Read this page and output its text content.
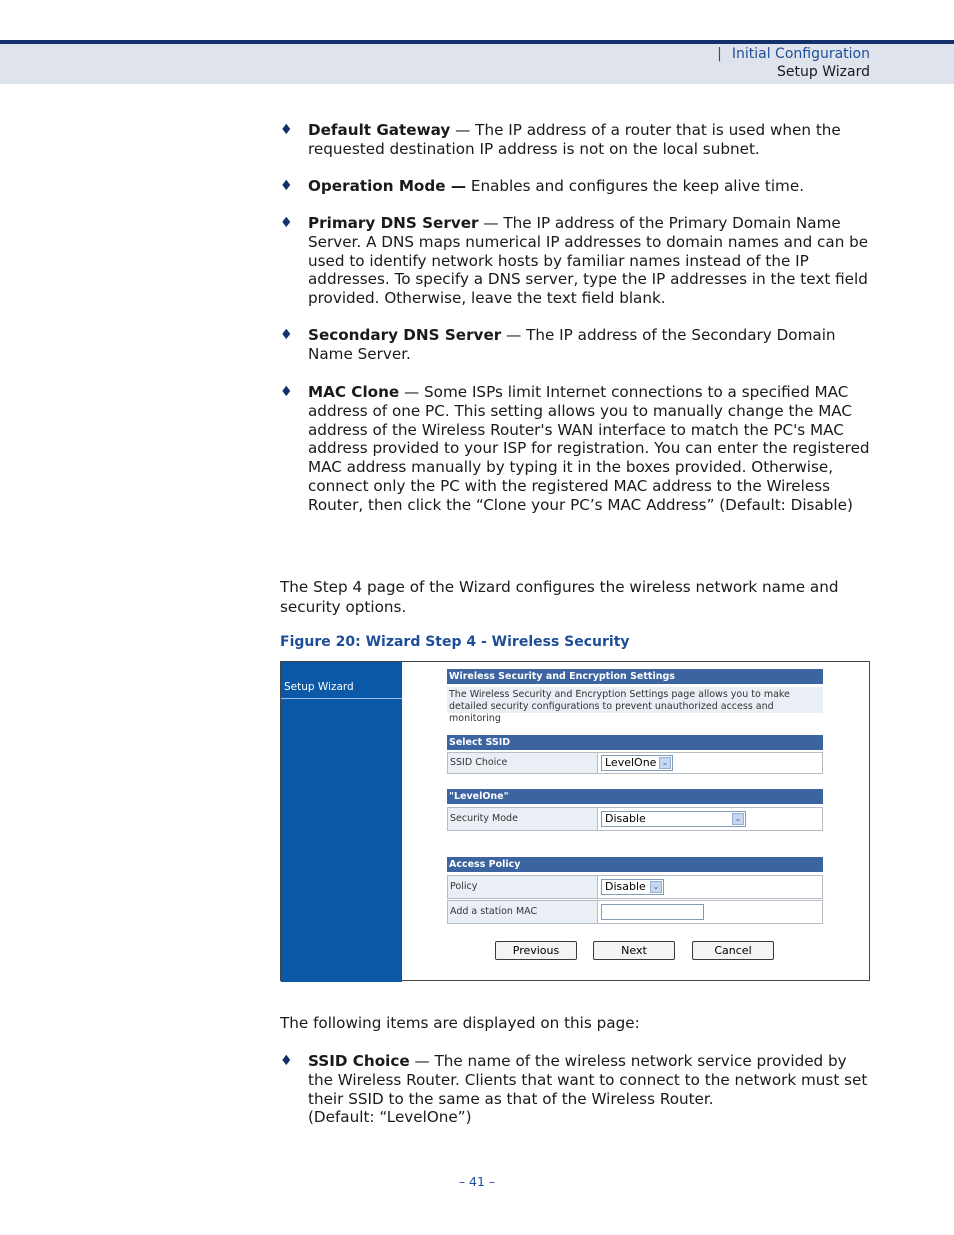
| Initial Configuration
Setup Wizard
♦ Default Gateway — The IP address of a router that is used when the requested destination IP address is not on the local subnet.
♦ Operation Mode — Enables and configures the keep alive time.
♦ Primary DNS Server — The IP address of the Primary Domain Name Server. A DNS maps numerical IP addresses to domain names and can be used to identify network hosts by familiar names instead of the IP addresses. To specify a DNS server, type the IP addresses in the text field provided. Otherwise, leave the text field blank.
♦ Secondary DNS Server — The IP address of the Secondary Domain Name Server.
♦ MAC Clone — Some ISPs limit Internet connections to a specified MAC address of one PC. This setting allows you to manually change the MAC address of the Wireless Router's WAN interface to match the PC's MAC address provided to your ISP for registration. You can enter the registered MAC address manually by typing it in the boxes provided. Otherwise, connect only the PC with the registered MAC address to the Wireless Router, then click the “Clone your PC’s MAC Address” (Default: Disable)
The Step 4 page of the Wizard configures the wireless network name and security options.
Figure 20: Wizard Step 4 - Wireless Security
Setup Wizard
Wireless Security and Encryption Settings
The Wireless Security and Encryption Settings page allows you to make detailed security configurations to prevent unauthorized access and monitoring
Select SSID
SSID Choice	LevelOne ⌄
"LevelOne"
Security Mode	Disable	⌄
Access Policy
Policy	Disable ⌄
Add a station MAC
Previous	Next	Cancel
The following items are displayed on this page:
♦ SSID Choice — The name of the wireless network service provided by the Wireless Router. Clients that want to connect to the network must set their SSID to the same as that of the Wireless Router.
(Default: “LevelOne”)
– 41 –
